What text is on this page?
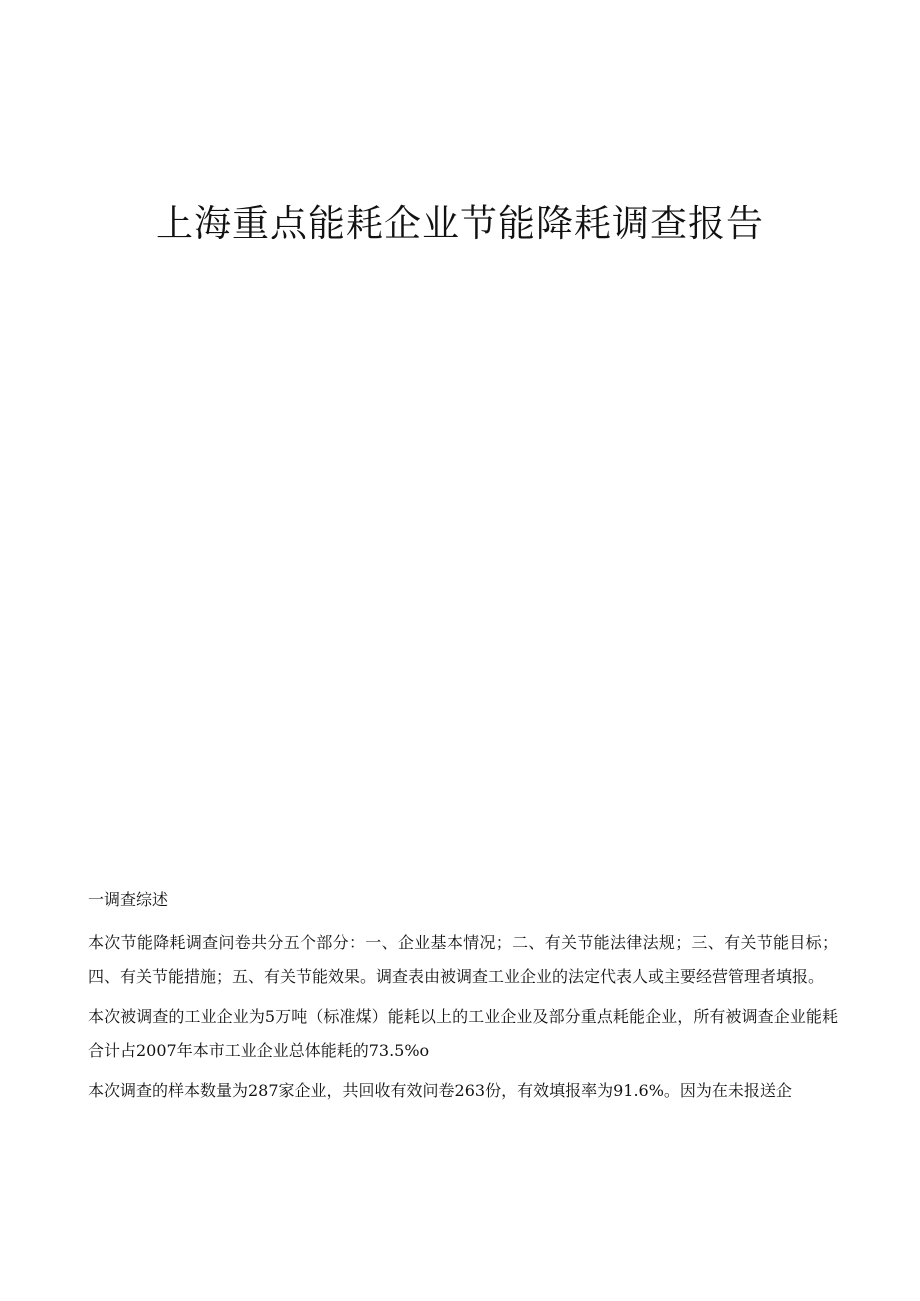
上海重点能耗企业节能降耗调查报告

一调查综述

本次节能降耗调查问卷共分五个部分：一、企业基本情况；二、有关节能法律法规；三、有关节能目标；四、有关节能措施；五、有关节能效果。调查表由被调查工业企业的法定代表人或主要经营管理者填报。

本次被调查的工业企业为5万吨（标准煤）能耗以上的工业企业及部分重点耗能企业，所有被调查企业能耗合计占2007年本市工业企业总体能耗的73.5%o

本次调查的样本数量为287家企业，共回收有效问卷263份，有效填报率为91.6%。因为在未报送企
